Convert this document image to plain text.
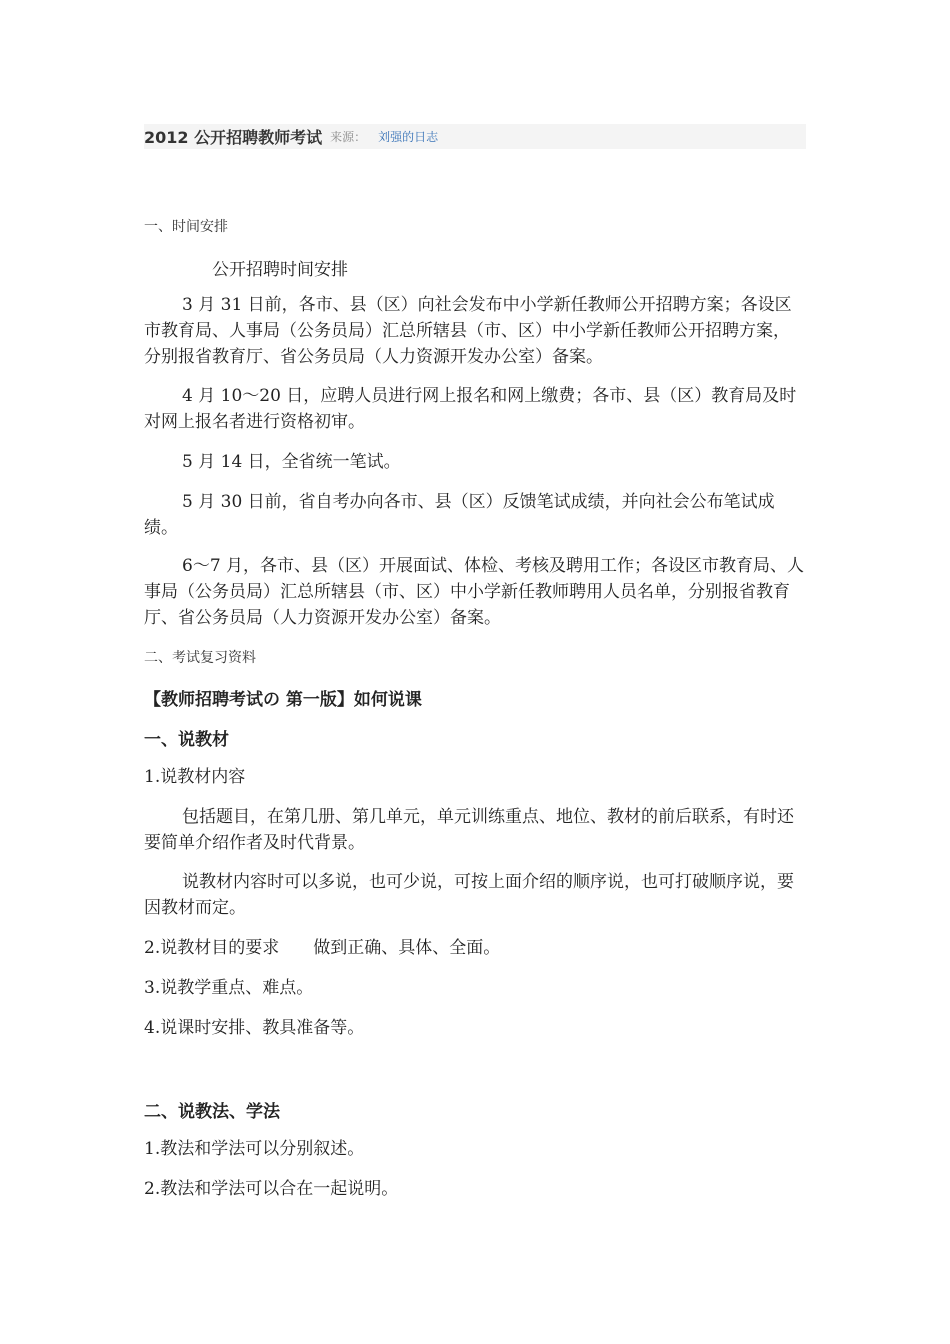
2012 公开招聘教师考试 来源： 刘强的日志
一、时间安排
公开招聘时间安排
3 月 31 日前，各市、县（区）向社会发布中小学新任教师公开招聘方案；各设区市教育局、人事局（公务员局）汇总所辖县（市、区）中小学新任教师公开招聘方案，分别报省教育厅、省公务员局（人力资源开发办公室）备案。
4 月 10～20 日，应聘人员进行网上报名和网上缴费；各市、县（区）教育局及时对网上报名者进行资格初审。
5 月 14 日，全省统一笔试。
5 月 30 日前，省自考办向各市、县（区）反馈笔试成绩，并向社会公布笔试成绩。
6～7 月，各市、县（区）开展面试、体检、考核及聘用工作；各设区市教育局、人事局（公务员局）汇总所辖县（市、区）中小学新任教师聘用人员名单，分别报省教育厅、省公务员局（人力资源开发办公室）备案。
二、考试复习资料
【教师招聘考试の 第一版】如何说课
一、说教材
1.说教材内容
包括题目，在第几册、第几单元，单元训练重点、地位、教材的前后联系，有时还要简单介绍作者及时代背景。
说教材内容时可以多说，也可少说，可按上面介绍的顺序说，也可打破顺序说，要因教材而定。
2.说教材目的要求　　做到正确、具体、全面。
3.说教学重点、难点。
4.说课时安排、教具准备等。
二、说教法、学法
1.教法和学法可以分别叙述。
2.教法和学法可以合在一起说明。
